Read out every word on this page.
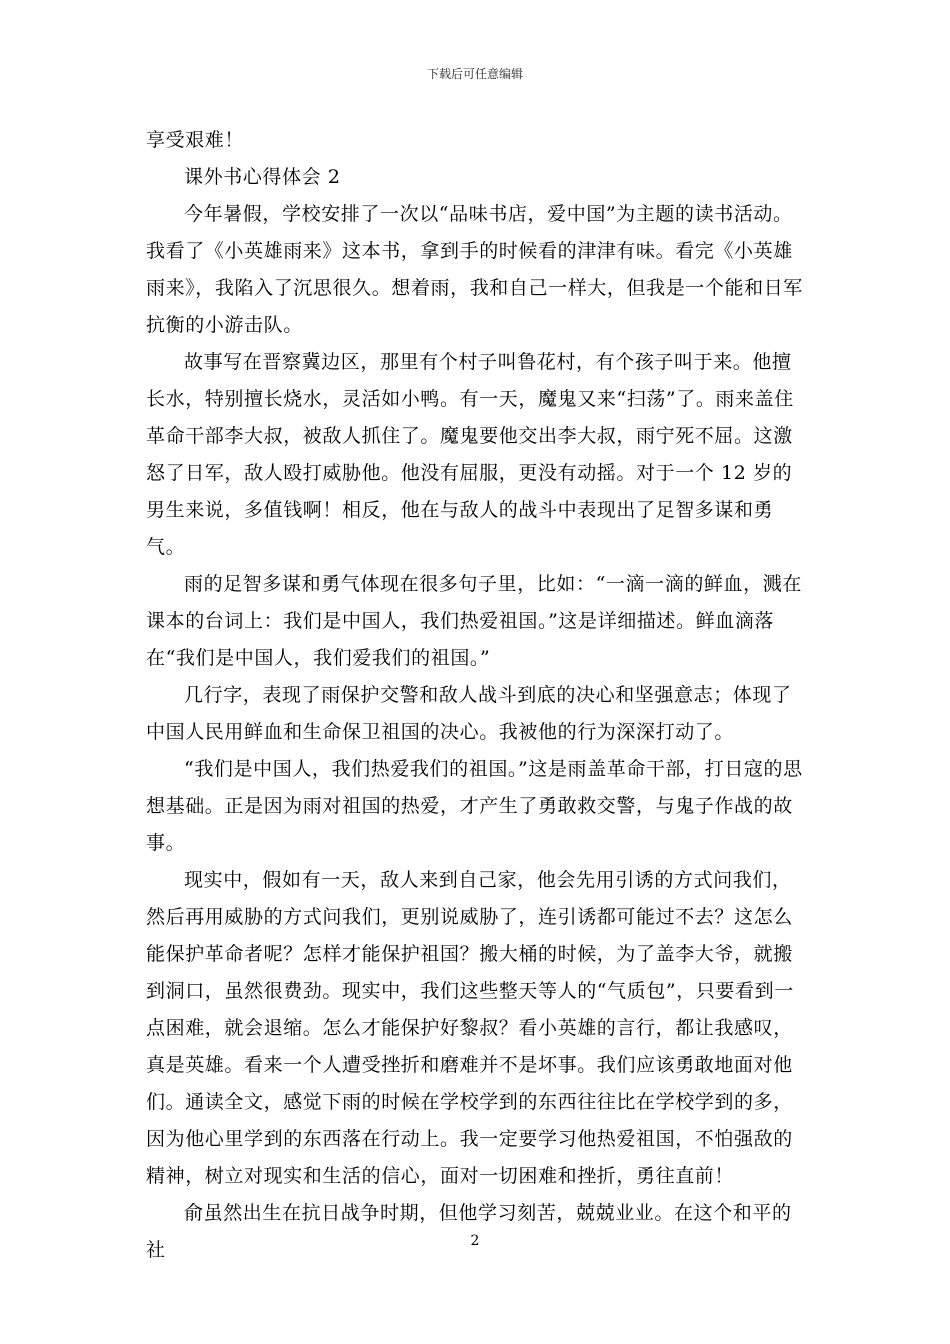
下载后可任意编辑

享受艰难！

课外书心得体会 2

今年暑假，学校安排了一次以“品味书店，爱中国”为主题的读书活动。我看了《小英雄雨来》这本书，拿到手的时候看的津津有味。看完《小英雄雨来》，我陷入了沉思很久。想着雨，我和自己一样大，但我是一个能和日军抗衡的小游击队。

故事写在晋察冀边区，那里有个村子叫鲁花村，有个孩子叫于来。他擅长水，特别擅长烧水，灵活如小鸭。有一天，魔鬼又来“扫荡”了。雨来盖住革命干部李大叔，被敌人抓住了。魔鬼要他交出李大叔，雨宁死不屈。这激怒了日军，敌人殴打威胁他。他没有屈服，更没有动摇。对于一个 12 岁的男生来说，多值钱啊！相反，他在与敌人的战斗中表现出了足智多谋和勇气。

雨的足智多谋和勇气体现在很多句子里，比如：“一滴一滴的鲜血，溅在课本的台词上：我们是中国人，我们热爱祖国。”这是详细描述。鲜血滴落在“我们是中国人，我们爱我们的祖国。”

几行字，表现了雨保护交警和敌人战斗到底的决心和坚强意志；体现了中国人民用鲜血和生命保卫祖国的决心。我被他的行为深深打动了。

“我们是中国人，我们热爱我们的祖国。”这是雨盖革命干部，打日寇的思想基础。正是因为雨对祖国的热爱，才产生了勇敢救交警，与鬼子作战的故事。

现实中，假如有一天，敌人来到自己家，他会先用引诱的方式问我们，然后再用威胁的方式问我们，更别说威胁了，连引诱都可能过不去？这怎么能保护革命者呢？怎样才能保护祖国？搬大桶的时候，为了盖李大爷，就搬到洞口，虽然很费劲。现实中，我们这些整天等人的“气质包”，只要看到一点困难，就会退缩。怎么才能保护好黎叔？看小英雄的言行，都让我感叹，真是英雄。看来一个人遭受挫折和磨难并不是坏事。我们应该勇敢地面对他们。通读全文，感觉下雨的时候在学校学到的东西往往比在学校学到的多，因为他心里学到的东西落在行动上。我一定要学习他热爱祖国，不怕强敌的精神，树立对现实和生活的信心，面对一切困难和挫折，勇往直前！

俞虽然出生在抗日战争时期，但他学习刻苦，兢兢业业。在这个和平的社	2
